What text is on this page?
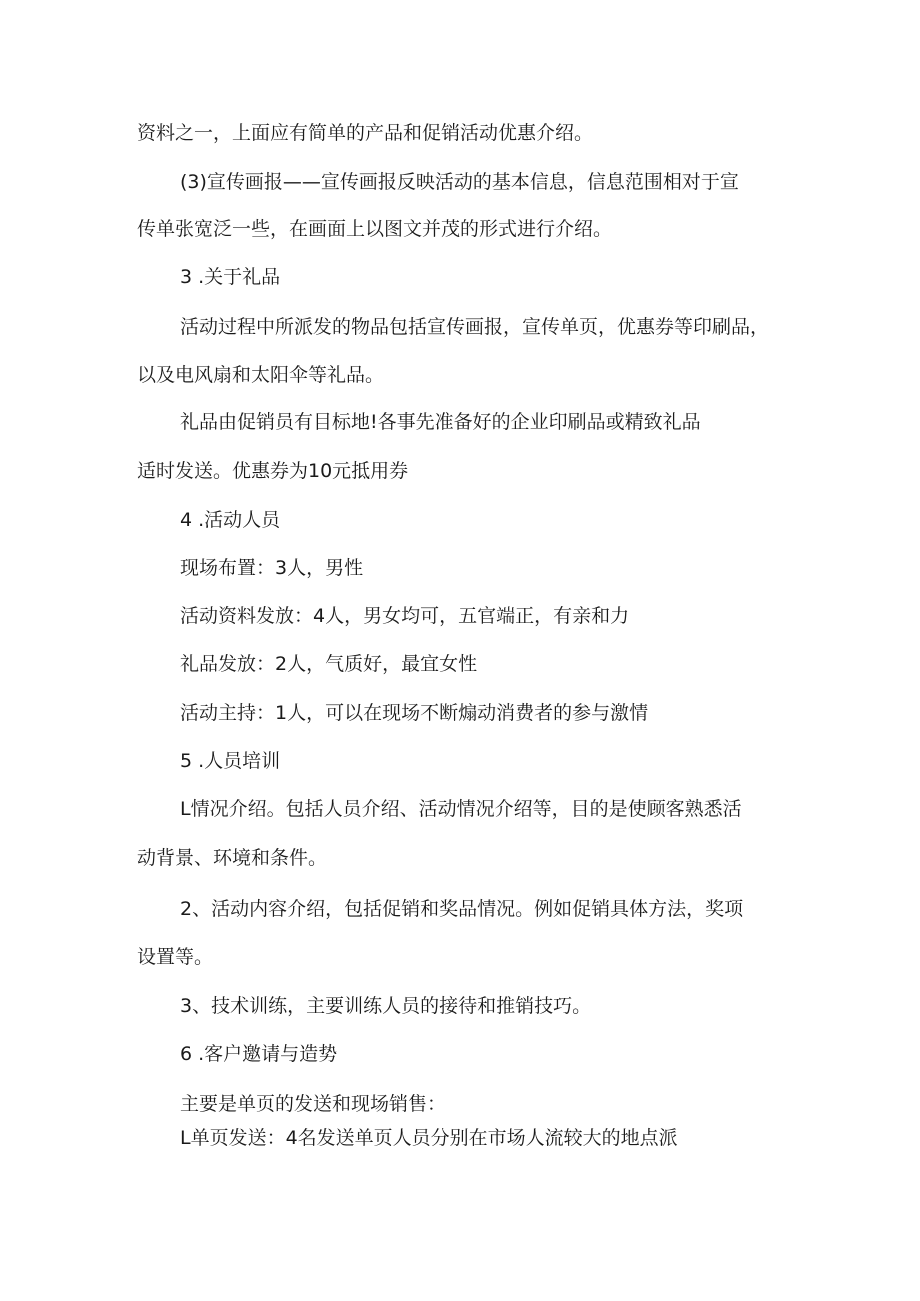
资料之一，上面应有简单的产品和促销活动优惠介绍。
(3)宣传画报——宣传画报反映活动的基本信息，信息范围相对于宣
传单张宽泛一些，在画面上以图文并茂的形式进行介绍。
3 .关于礼品
活动过程中所派发的物品包括宣传画报，宣传单页，优惠券等印刷品，
以及电风扇和太阳伞等礼品。
礼品由促销员有目标地!各事先准备好的企业印刷品或精致礼品
适时发送。优惠券为10元抵用券
4 .活动人员
现场布置：3人，男性
活动资料发放：4人，男女均可，五官端正，有亲和力
礼品发放：2人，气质好，最宜女性
活动主持：1人，可以在现场不断煽动消费者的参与激情
5 .人员培训
L情况介绍。包括人员介绍、活动情况介绍等，目的是使顾客熟悉活
动背景、环境和条件。
2、活动内容介绍，包括促销和奖品情况。例如促销具体方法，奖项
设置等。
3、技术训练，主要训练人员的接待和推销技巧。
6 .客户邀请与造势
主要是单页的发送和现场销售：
L单页发送：4名发送单页人员分别在市场人流较大的地点派
